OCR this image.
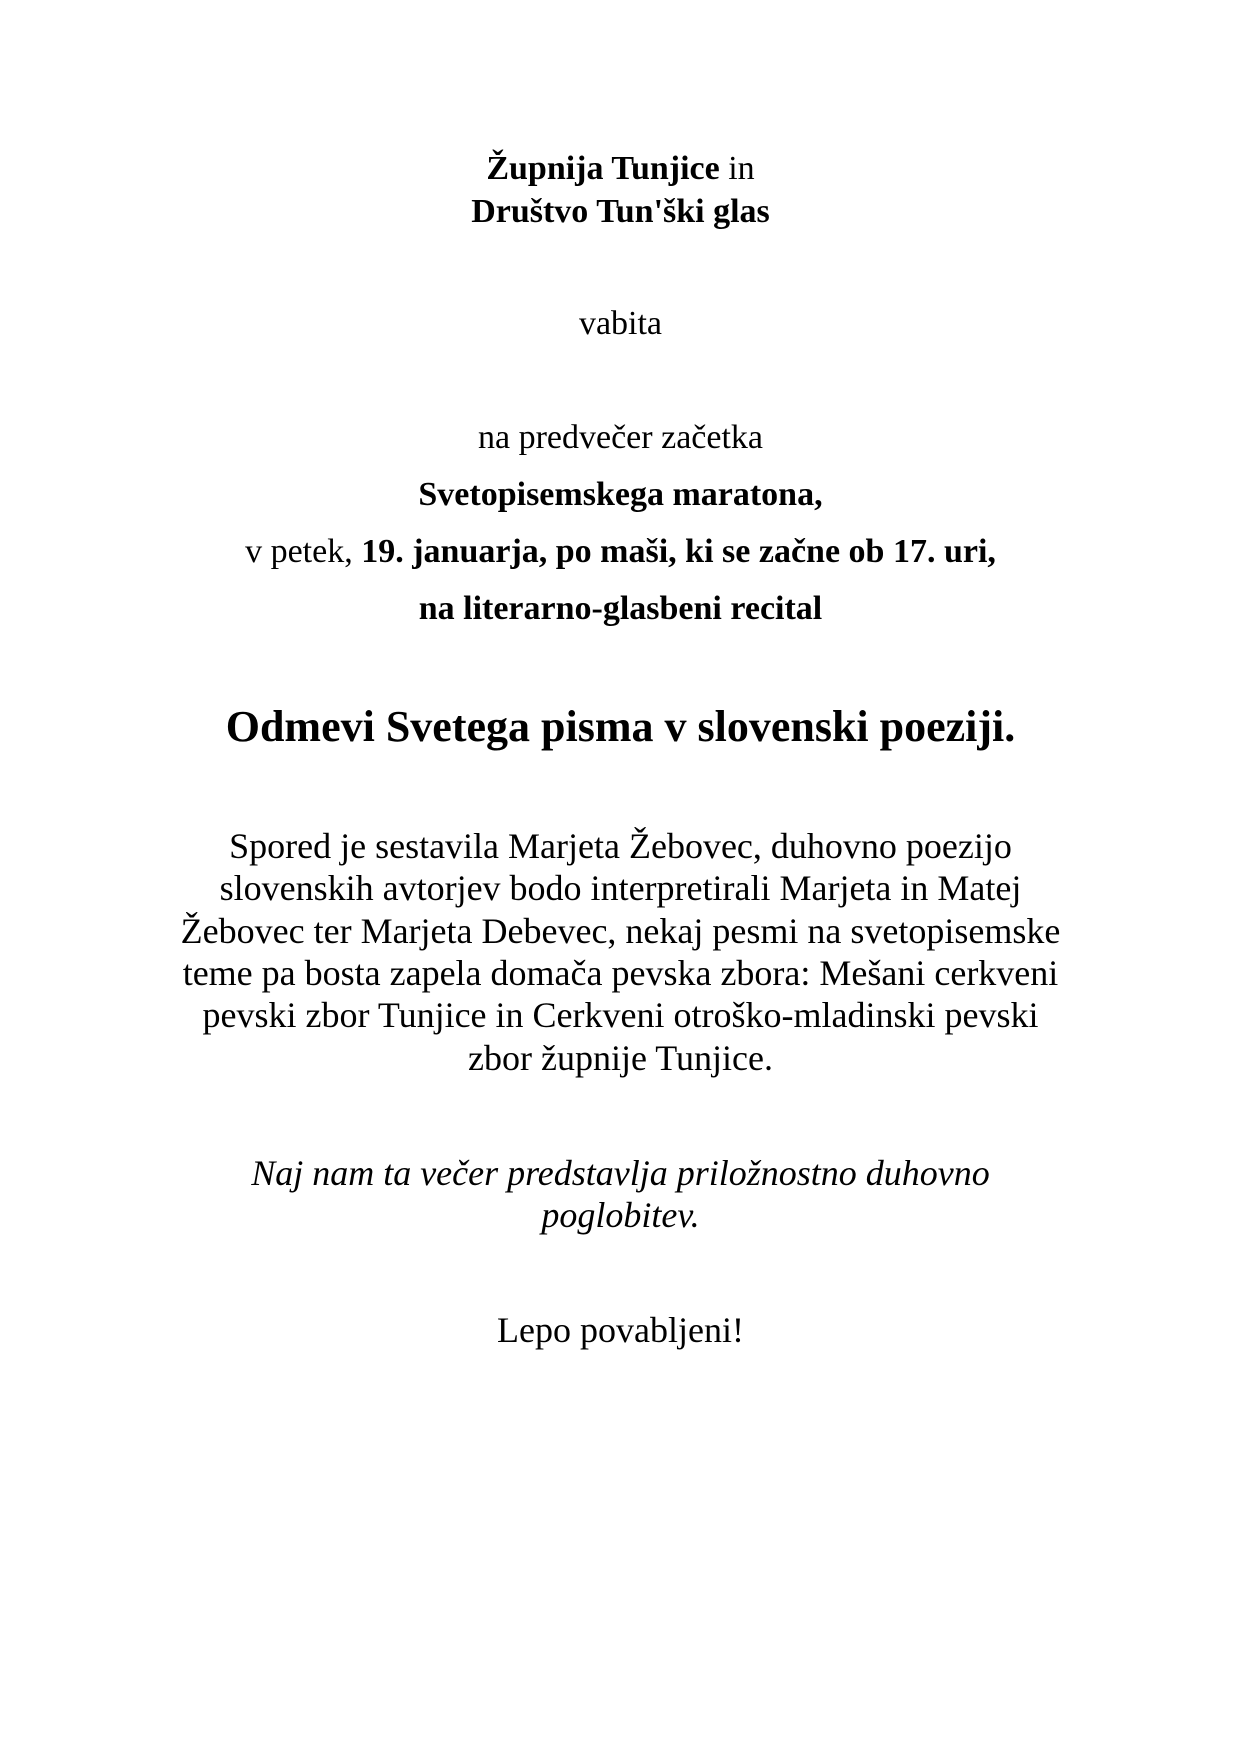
Župnija Tunjice in
Društvo Tun'ški glas
vabita
na predvečer začetka
Svetopisemskega maratona,
v petek, 19. januarja, po maši, ki se začne ob 17. uri,
na literarno-glasbeni recital
Odmevi Svetega pisma v slovenski poeziji.
Spored je sestavila Marjeta Žebovec, duhovno poezijo
slovenskih avtorjev bodo interpretirali Marjeta in Matej
Žebovec ter Marjeta Debevec, nekaj pesmi na svetopisemske
teme pa bosta zapela domača pevska zbora: Mešani cerkveni
pevski zbor Tunjice in Cerkveni otroško-mladinski pevski
zbor župnije Tunjice.
Naj nam ta večer predstavlja priložnostno duhovno
poglobitev.
Lepo povabljeni!
